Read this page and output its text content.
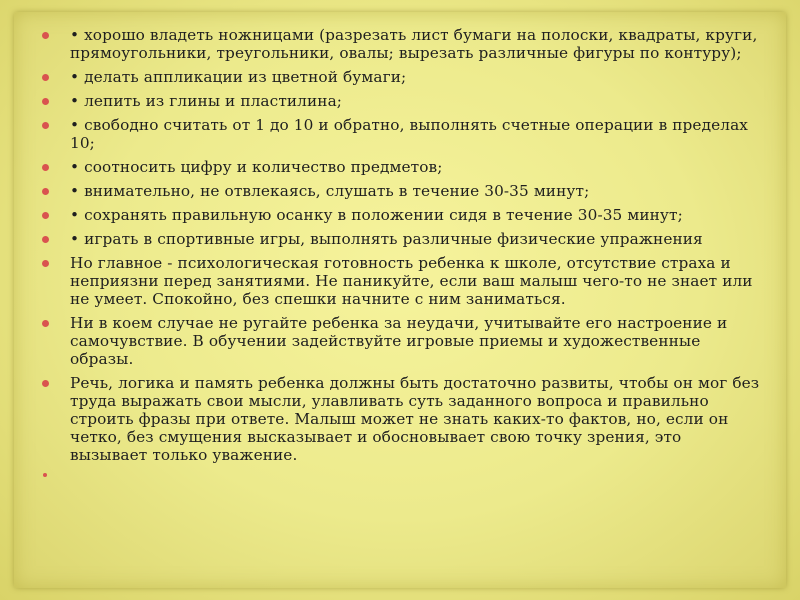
• хорошо владеть ножницами (разрезать лист бумаги на полоски, квадраты, круги, прямоугольники, треугольники, овалы; вырезать различные фигуры по контуру);
• делать аппликации из цветной бумаги;
• лепить из глины и пластилина;
• свободно считать от 1 до 10 и обратно, выполнять счетные операции в пределах 10;
• соотносить цифру и количество предметов;
• внимательно, не отвлекаясь, слушать в течение 30-35 минут;
• сохранять правильную осанку в положении сидя в течение 30-35 минут;
• играть в спортивные игры, выполнять различные физические упражнения
Но главное - психологическая готовность ребенка к школе, отсутствие страха и неприязни перед занятиями. Не паникуйте, если ваш малыш чего-то не знает или не умеет. Спокойно, без спешки начните с ним заниматься.
Ни в коем случае не ругайте ребенка за неудачи, учитывайте его настроение и самочувствие. В обучении задействуйте игровые приемы и художественные образы.
Речь, логика и память ребенка должны быть достаточно развиты, чтобы он мог без труда выражать свои мысли, улавливать суть заданного вопроса и правильно строить фразы при ответе. Малыш может не знать каких-то фактов, но, если он четко, без смущения высказывает и обосновывает свою точку зрения, это вызывает только уважение.
